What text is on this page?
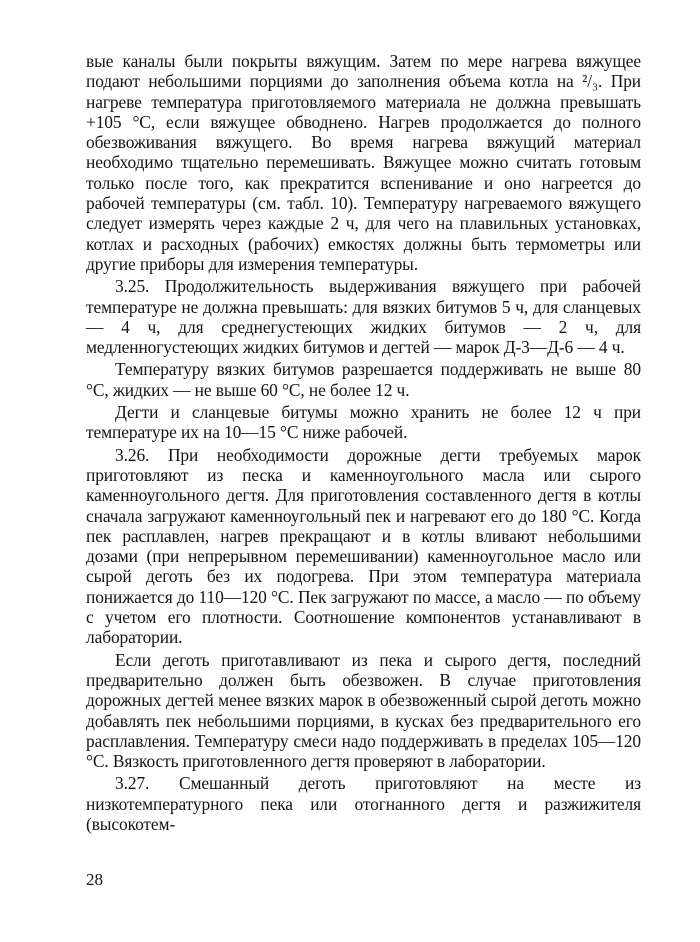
вые каналы были покрыты вяжущим. Затем по мере нагрева вяжущее подают небольшими порциями до заполнения объема котла на ²/₃. При нагреве температура приготовляемого материала не должна превышать +105 °С, если вяжущее обводнено. Нагрев продолжается до полного обезвоживания вяжущего. Во время нагрева вяжущий материал необходимо тщательно перемешивать. Вяжущее можно считать готовым только после того, как прекратится вспенивание и оно нагреется до рабочей температуры (см. табл. 10). Температуру нагреваемого вяжущего следует измерять через каждые 2 ч, для чего на плавильных установках, котлах и расходных (рабочих) емкостях должны быть термометры или другие приборы для измерения температуры.

3.25. Продолжительность выдерживания вяжущего при рабочей температуре не должна превышать: для вязких битумов 5 ч, для сланцевых — 4 ч, для среднегустеющих жидких битумов — 2 ч, для медленногустеющих жидких битумов и дегтей — марок Д-3—Д-6 — 4 ч.

Температуру вязких битумов разрешается поддерживать не выше 80 °С, жидких — не выше 60 °С, не более 12 ч.

Дегти и сланцевые битумы можно хранить не более 12 ч при температуре их на 10—15 °С ниже рабочей.

3.26. При необходимости дорожные дегти требуемых марок приготовляют из песка и каменноугольного масла или сырого каменноугольного дегтя. Для приготовления составленного дегтя в котлы сначала загружают каменноугольный пек и нагревают его до 180 °С. Когда пек расплавлен, нагрев прекращают и в котлы вливают небольшими дозами (при непрерывном перемешивании) каменноугольное масло или сырой деготь без их подогрева. При этом температура материала понижается до 110—120 °С. Пек загружают по массе, а масло — по объему с учетом его плотности. Соотношение компонентов устанавливают в лаборатории.

Если деготь приготавливают из пека и сырого дегтя, последний предварительно должен быть обезвожен. В случае приготовления дорожных дегтей менее вязких марок в обезвоженный сырой деготь можно добавлять пек небольшими порциями, в кусках без предварительного его расплавления. Температуру смеси надо поддерживать в пределах 105—120 °С. Вязкость приготовленного дегтя проверяют в лаборатории.

3.27. Смешанный деготь приготовляют на месте из низкотемпературного пека или отогнанного дегтя и разжижителя (высокотем-

28
